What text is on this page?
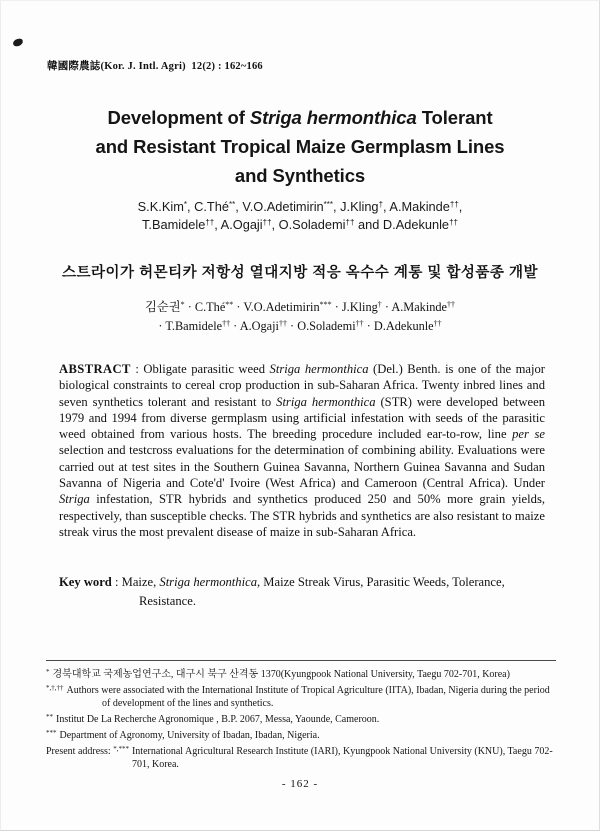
韓國際農誌(Kor. J. Intl. Agri)  12(2) : 162~166
Development of Striga hermonthica Tolerant
and Resistant Tropical Maize Germplasm Lines
and Synthetics
S.K.Kim*, C.Thé**, V.O.Adetimirin***, J.Kling†, A.Makinde††,
T.Bamidele††, A.Ogaji††, O.Solademi†† and D.Adekunle††
스트라이가 허몬티카 저항성 열대지방 적응 옥수수 계통 및 합성품종 개발
김순권* · C.Thé** · V.O.Adetimirin*** · J.Kling† · A.Makinde††
· T.Bamidele†† · A.Ogaji†† · O.Solademi†† · D.Adekunle††

ABSTRACT : Obligate parasitic weed Striga hermonthica (Del.) Benth. is one of the major biological constraints to cereal crop production in sub-Saharan Africa. Twenty inbred lines and seven synthetics tolerant and resistant to Striga hermonthica (STR) were developed between 1979 and 1994 from diverse germplasm using artificial infestation with seeds of the parasitic weed obtained from various hosts. The breeding procedure included ear-to-row, line per se selection and testcross evaluations for the determination of combining ability. Evaluations were carried out at test sites in the Southern Guinea Savanna, Northern Guinea Savanna and Sudan Savanna of Nigeria and Cote'd' Ivoire (West Africa) and Cameroon (Central Africa). Under Striga infestation, STR hybrids and synthetics produced 250 and 50% more grain yields, respectively, than susceptible checks. The STR hybrids and synthetics are also resistant to maize streak virus the most prevalent disease of maize in sub-Saharan Africa.

Key word : Maize, Striga hermonthica, Maize Streak Virus, Parasitic Weeds, Tolerance, Resistance.

* 경북대학교 국제농업연구소, 대구시 북구 산격동 1370(Kyungpook National University, Taegu 702-701, Korea)
*,†,†† Authors were associated with the International Institute of Tropical Agriculture (IITA), Ibadan, Nigeria during the period of development of the lines and synthetics.
** Institut De La Recherche Agronomique , B.P. 2067, Messa, Yaounde, Cameroon.
*** Department of Agronomy, University of Ibadan, Ibadan, Nigeria.
Present address: *,*** International Agricultural Research Institute (IARI), Kyungpook National University (KNU), Taegu 702-701, Korea.
- 162 -
